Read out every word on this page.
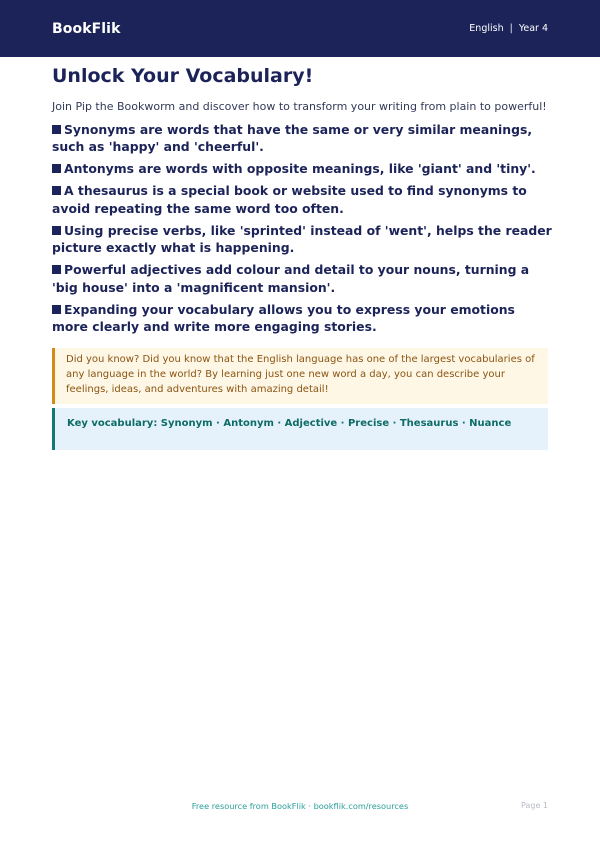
BookFlik	English | Year 4
Unlock Your Vocabulary!

Join Pip the Bookworm and discover how to transform your writing from plain to powerful!

Synonyms are words that have the same or very similar meanings, such as 'happy' and 'cheerful'.
Antonyms are words with opposite meanings, like 'giant' and 'tiny'.
A thesaurus is a special book or website used to find synonyms to avoid repeating the same word too often.
Using precise verbs, like 'sprinted' instead of 'went', helps the reader picture exactly what is happening.
Powerful adjectives add colour and detail to your nouns, turning a 'big house' into a 'magnificent mansion'.
Expanding your vocabulary allows you to express your emotions more clearly and write more engaging stories.
Did you know? Did you know that the English language has one of the largest vocabularies of any language in the world? By learning just one new word a day, you can describe your feelings, ideas, and adventures with amazing detail!
Key vocabulary: Synonym · Antonym · Adjective · Precise · Thesaurus · Nuance
Free resource from BookFlik · bookflik.com/resources	Page 1
